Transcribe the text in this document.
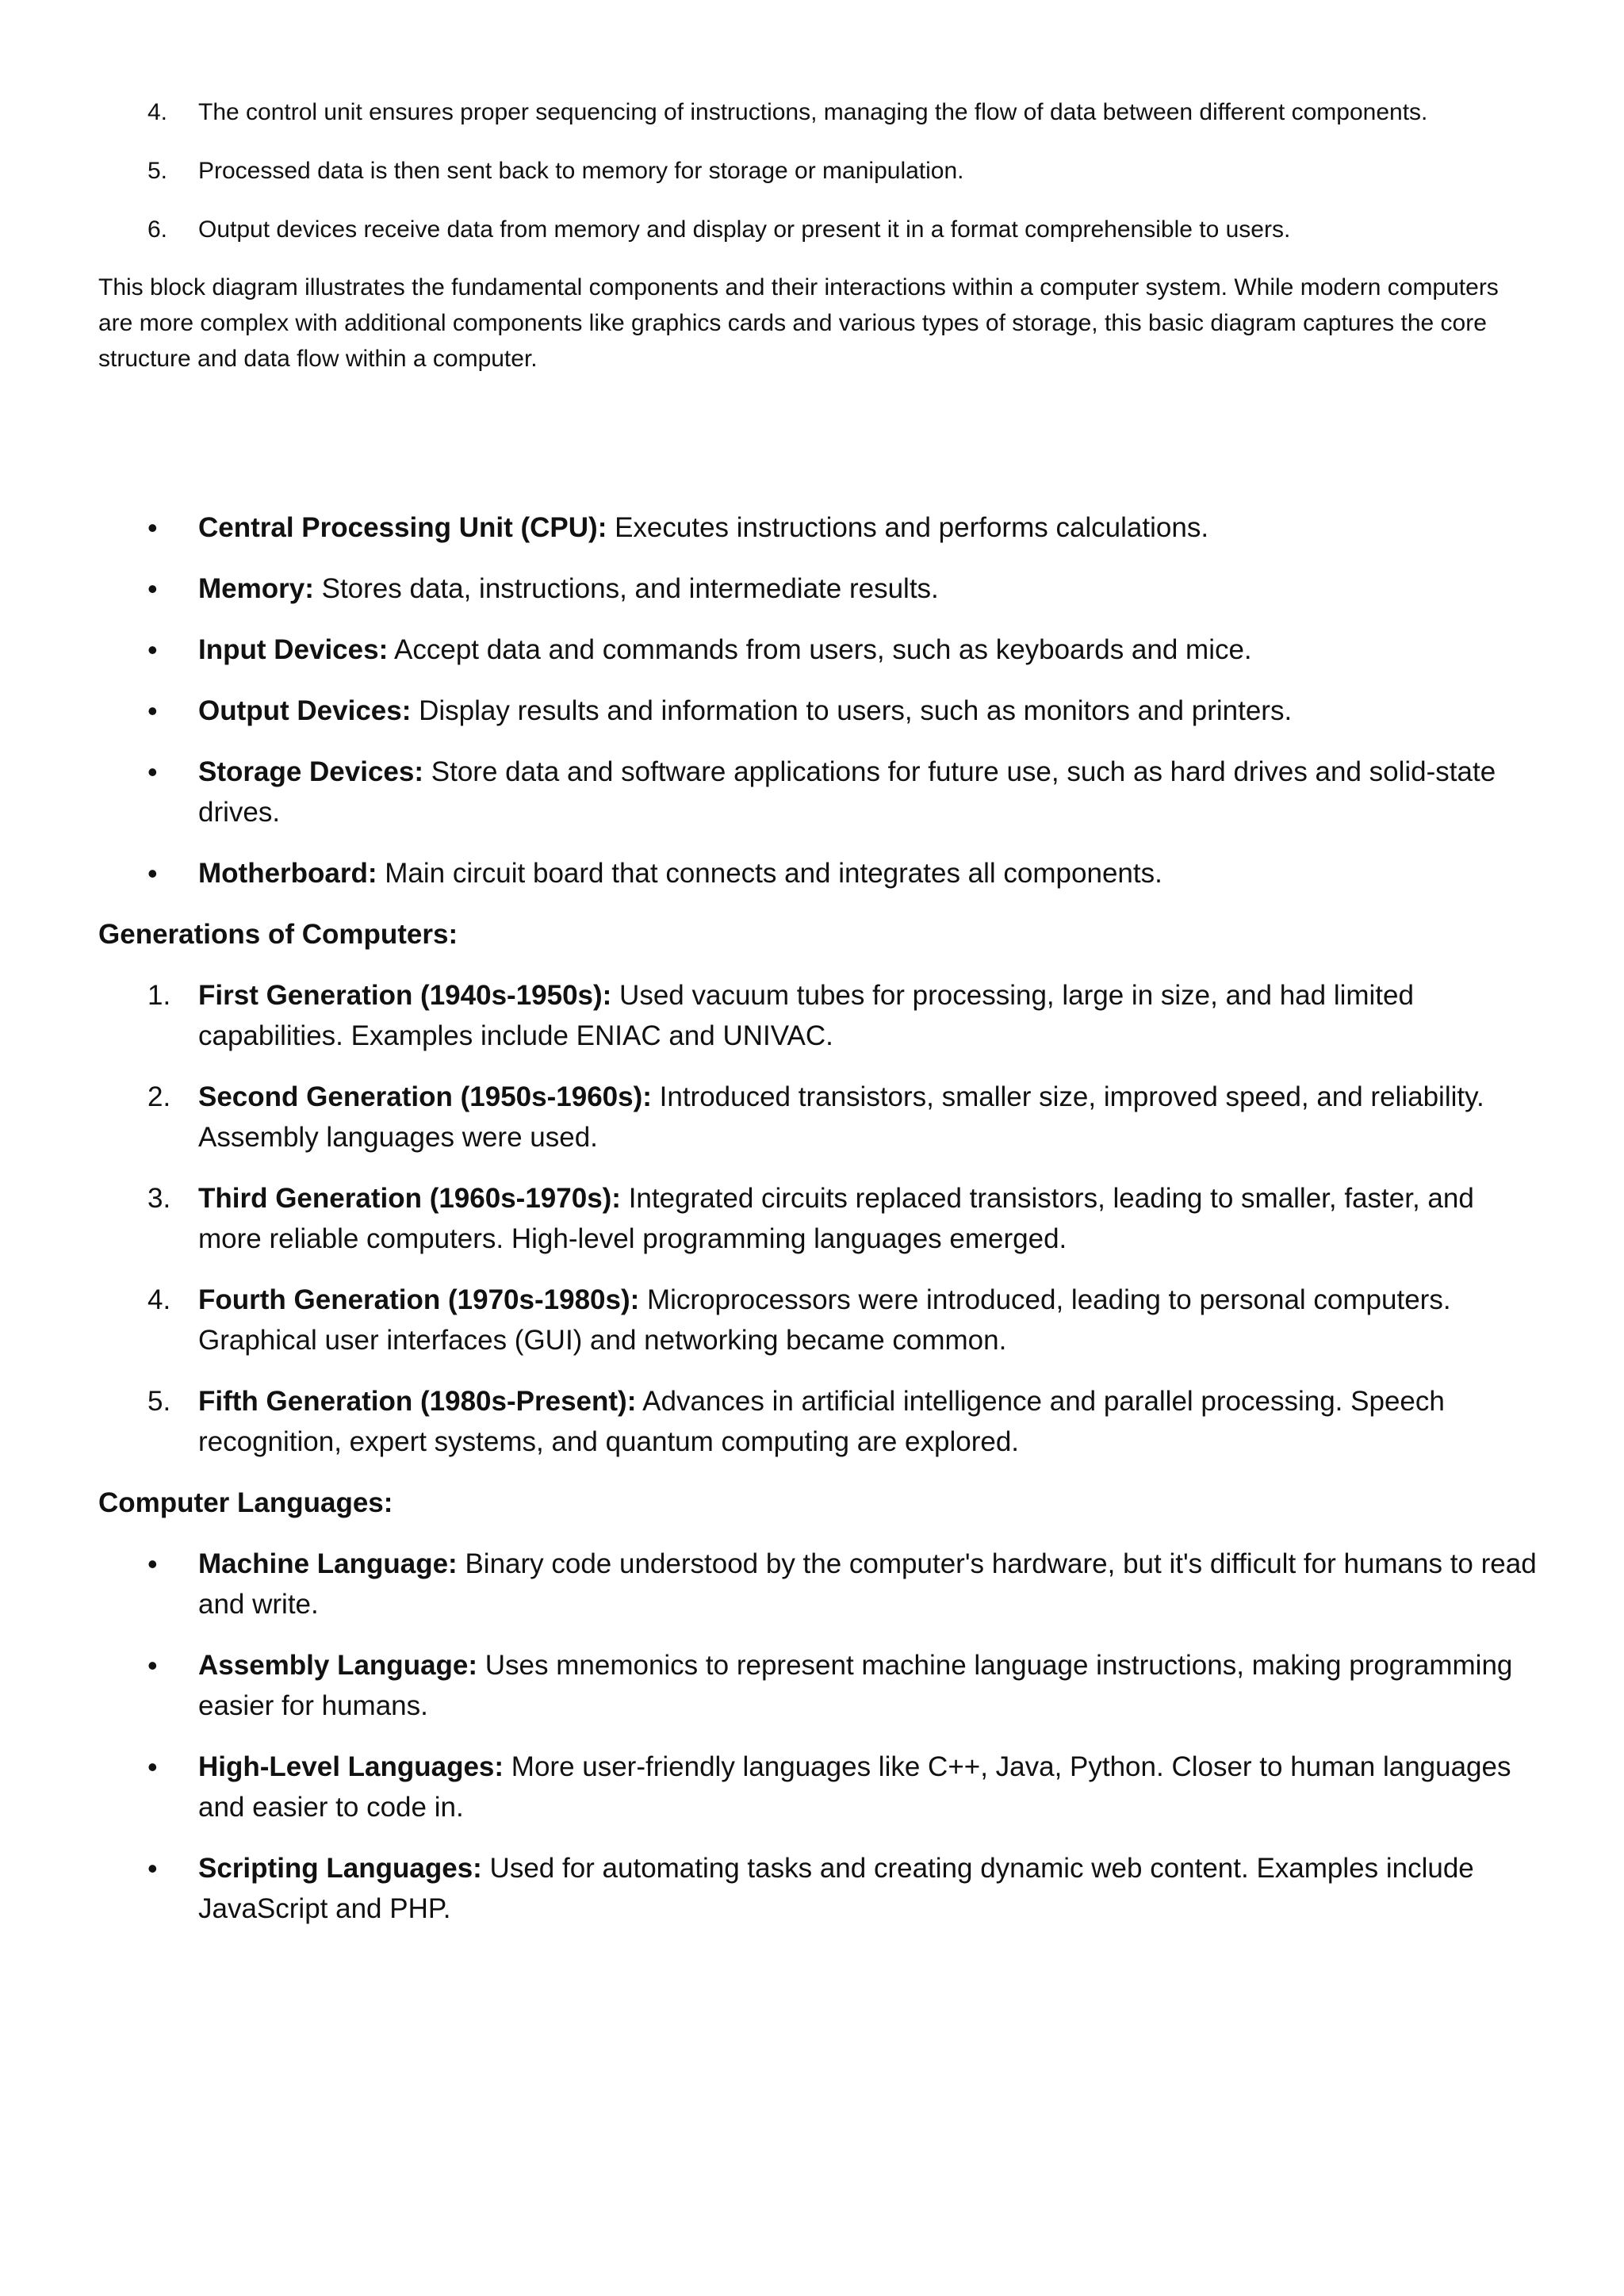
4. The control unit ensures proper sequencing of instructions, managing the flow of data between different components.
5. Processed data is then sent back to memory for storage or manipulation.
6. Output devices receive data from memory and display or present it in a format comprehensible to users.
This block diagram illustrates the fundamental components and their interactions within a computer system. While modern computers are more complex with additional components like graphics cards and various types of storage, this basic diagram captures the core structure and data flow within a computer.
• Central Processing Unit (CPU): Executes instructions and performs calculations.
• Memory: Stores data, instructions, and intermediate results.
• Input Devices: Accept data and commands from users, such as keyboards and mice.
• Output Devices: Display results and information to users, such as monitors and printers.
• Storage Devices: Store data and software applications for future use, such as hard drives and solid-state drives.
• Motherboard: Main circuit board that connects and integrates all components.
Generations of Computers:
1. First Generation (1940s-1950s): Used vacuum tubes for processing, large in size, and had limited capabilities. Examples include ENIAC and UNIVAC.
2. Second Generation (1950s-1960s): Introduced transistors, smaller size, improved speed, and reliability. Assembly languages were used.
3. Third Generation (1960s-1970s): Integrated circuits replaced transistors, leading to smaller, faster, and more reliable computers. High-level programming languages emerged.
4. Fourth Generation (1970s-1980s): Microprocessors were introduced, leading to personal computers. Graphical user interfaces (GUI) and networking became common.
5. Fifth Generation (1980s-Present): Advances in artificial intelligence and parallel processing. Speech recognition, expert systems, and quantum computing are explored.
Computer Languages:
• Machine Language: Binary code understood by the computer's hardware, but it's difficult for humans to read and write.
• Assembly Language: Uses mnemonics to represent machine language instructions, making programming easier for humans.
• High-Level Languages: More user-friendly languages like C++, Java, Python. Closer to human languages and easier to code in.
• Scripting Languages: Used for automating tasks and creating dynamic web content. Examples include JavaScript and PHP.
